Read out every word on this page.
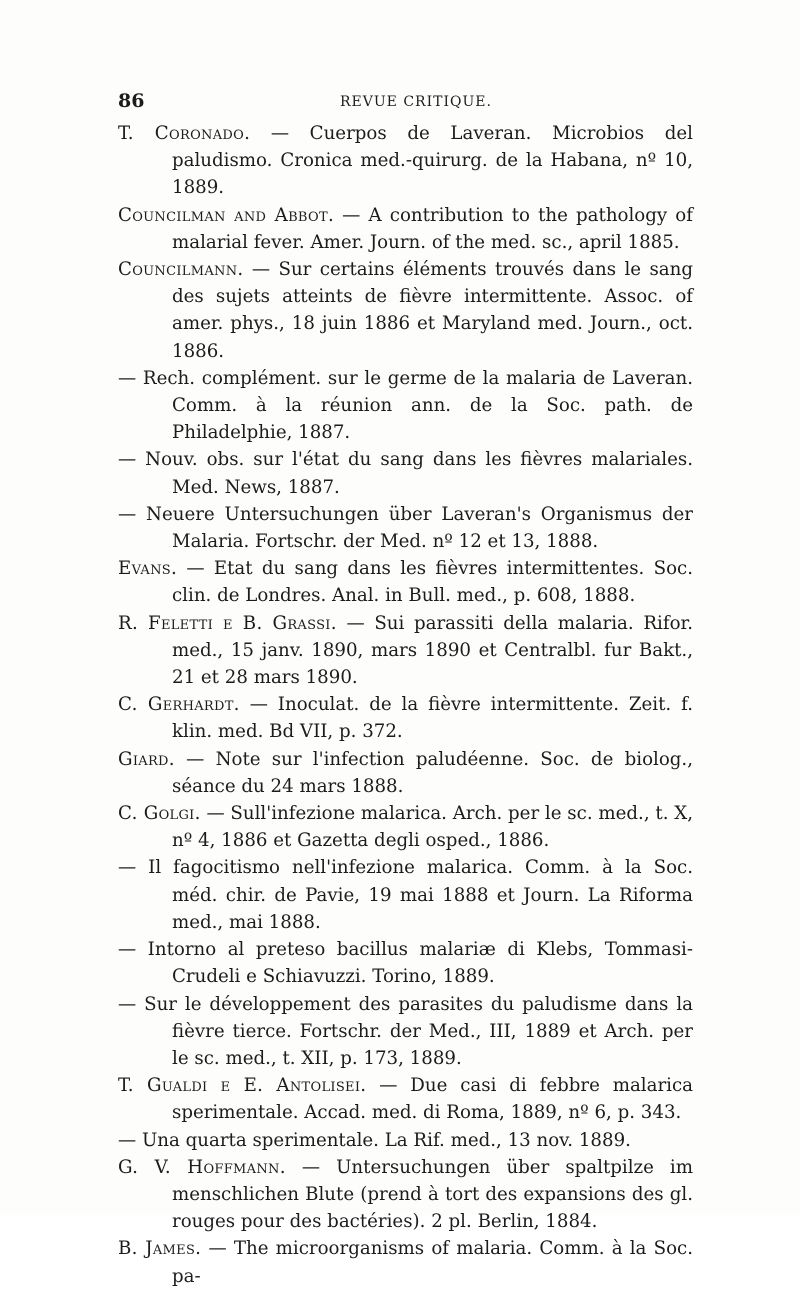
86	REVUE CRITIQUE.

T. Coronado. — Cuerpos de Laveran. Microbios del paludismo. Cronica med.-quirurg. de la Habana, nº 10, 1889.

Councilman and Abbot. — A contribution to the pathology of malarial fever. Amer. Journ. of the med. sc., april 1885.

Councilmann. — Sur certains éléments trouvés dans le sang des sujets atteints de fièvre intermittente. Assoc. of amer. phys., 18 juin 1886 et Maryland med. Journ., oct. 1886.

— Rech. complément. sur le germe de la malaria de Laveran. Comm. à la réunion ann. de la Soc. path. de Philadelphie, 1887.

— Nouv. obs. sur l'état du sang dans les fièvres malariales. Med. News, 1887.

— Neuere Untersuchungen über Laveran's Organismus der Malaria. Fortschr. der Med. nº 12 et 13, 1888.

Evans. — Etat du sang dans les fièvres intermittentes. Soc. clin. de Londres. Anal. in Bull. med., p. 608, 1888.

R. Feletti e B. Grassi. — Sui parassiti della malaria. Rifor. med., 15 janv. 1890, mars 1890 et Centralbl. fur Bakt., 21 et 28 mars 1890.

C. Gerhardt. — Inoculat. de la fièvre intermittente. Zeit. f. klin. med. Bd VII, p. 372.

Giard. — Note sur l'infection paludéenne. Soc. de biolog., séance du 24 mars 1888.

C. Golgi. — Sull'infezione malarica. Arch. per le sc. med., t. X, nº 4, 1886 et Gazetta degli osped., 1886.

— Il fagocitismo nell'infezione malarica. Comm. à la Soc. méd. chir. de Pavie, 19 mai 1888 et Journ. La Riforma med., mai 1888.

— Intorno al preteso bacillus malariæ di Klebs, Tommasi-Crudeli e Schiavuzzi. Torino, 1889.

— Sur le développement des parasites du paludisme dans la fièvre tierce. Fortschr. der Med., III, 1889 et Arch. per le sc. med., t. XII, p. 173, 1889.

T. Gualdi e E. Antolisei. — Due casi di febbre malarica sperimentale. Accad. med. di Roma, 1889, nº 6, p. 343.

— Una quarta sperimentale. La Rif. med., 13 nov. 1889.

G. V. Hoffmann. — Untersuchungen über spaltpilze im menschlichen Blute (prend à tort des expansions des gl. rouges pour des bactéries). 2 pl. Berlin, 1884.

B. James. — The microorganisms of malaria. Comm. à la Soc. pa-
